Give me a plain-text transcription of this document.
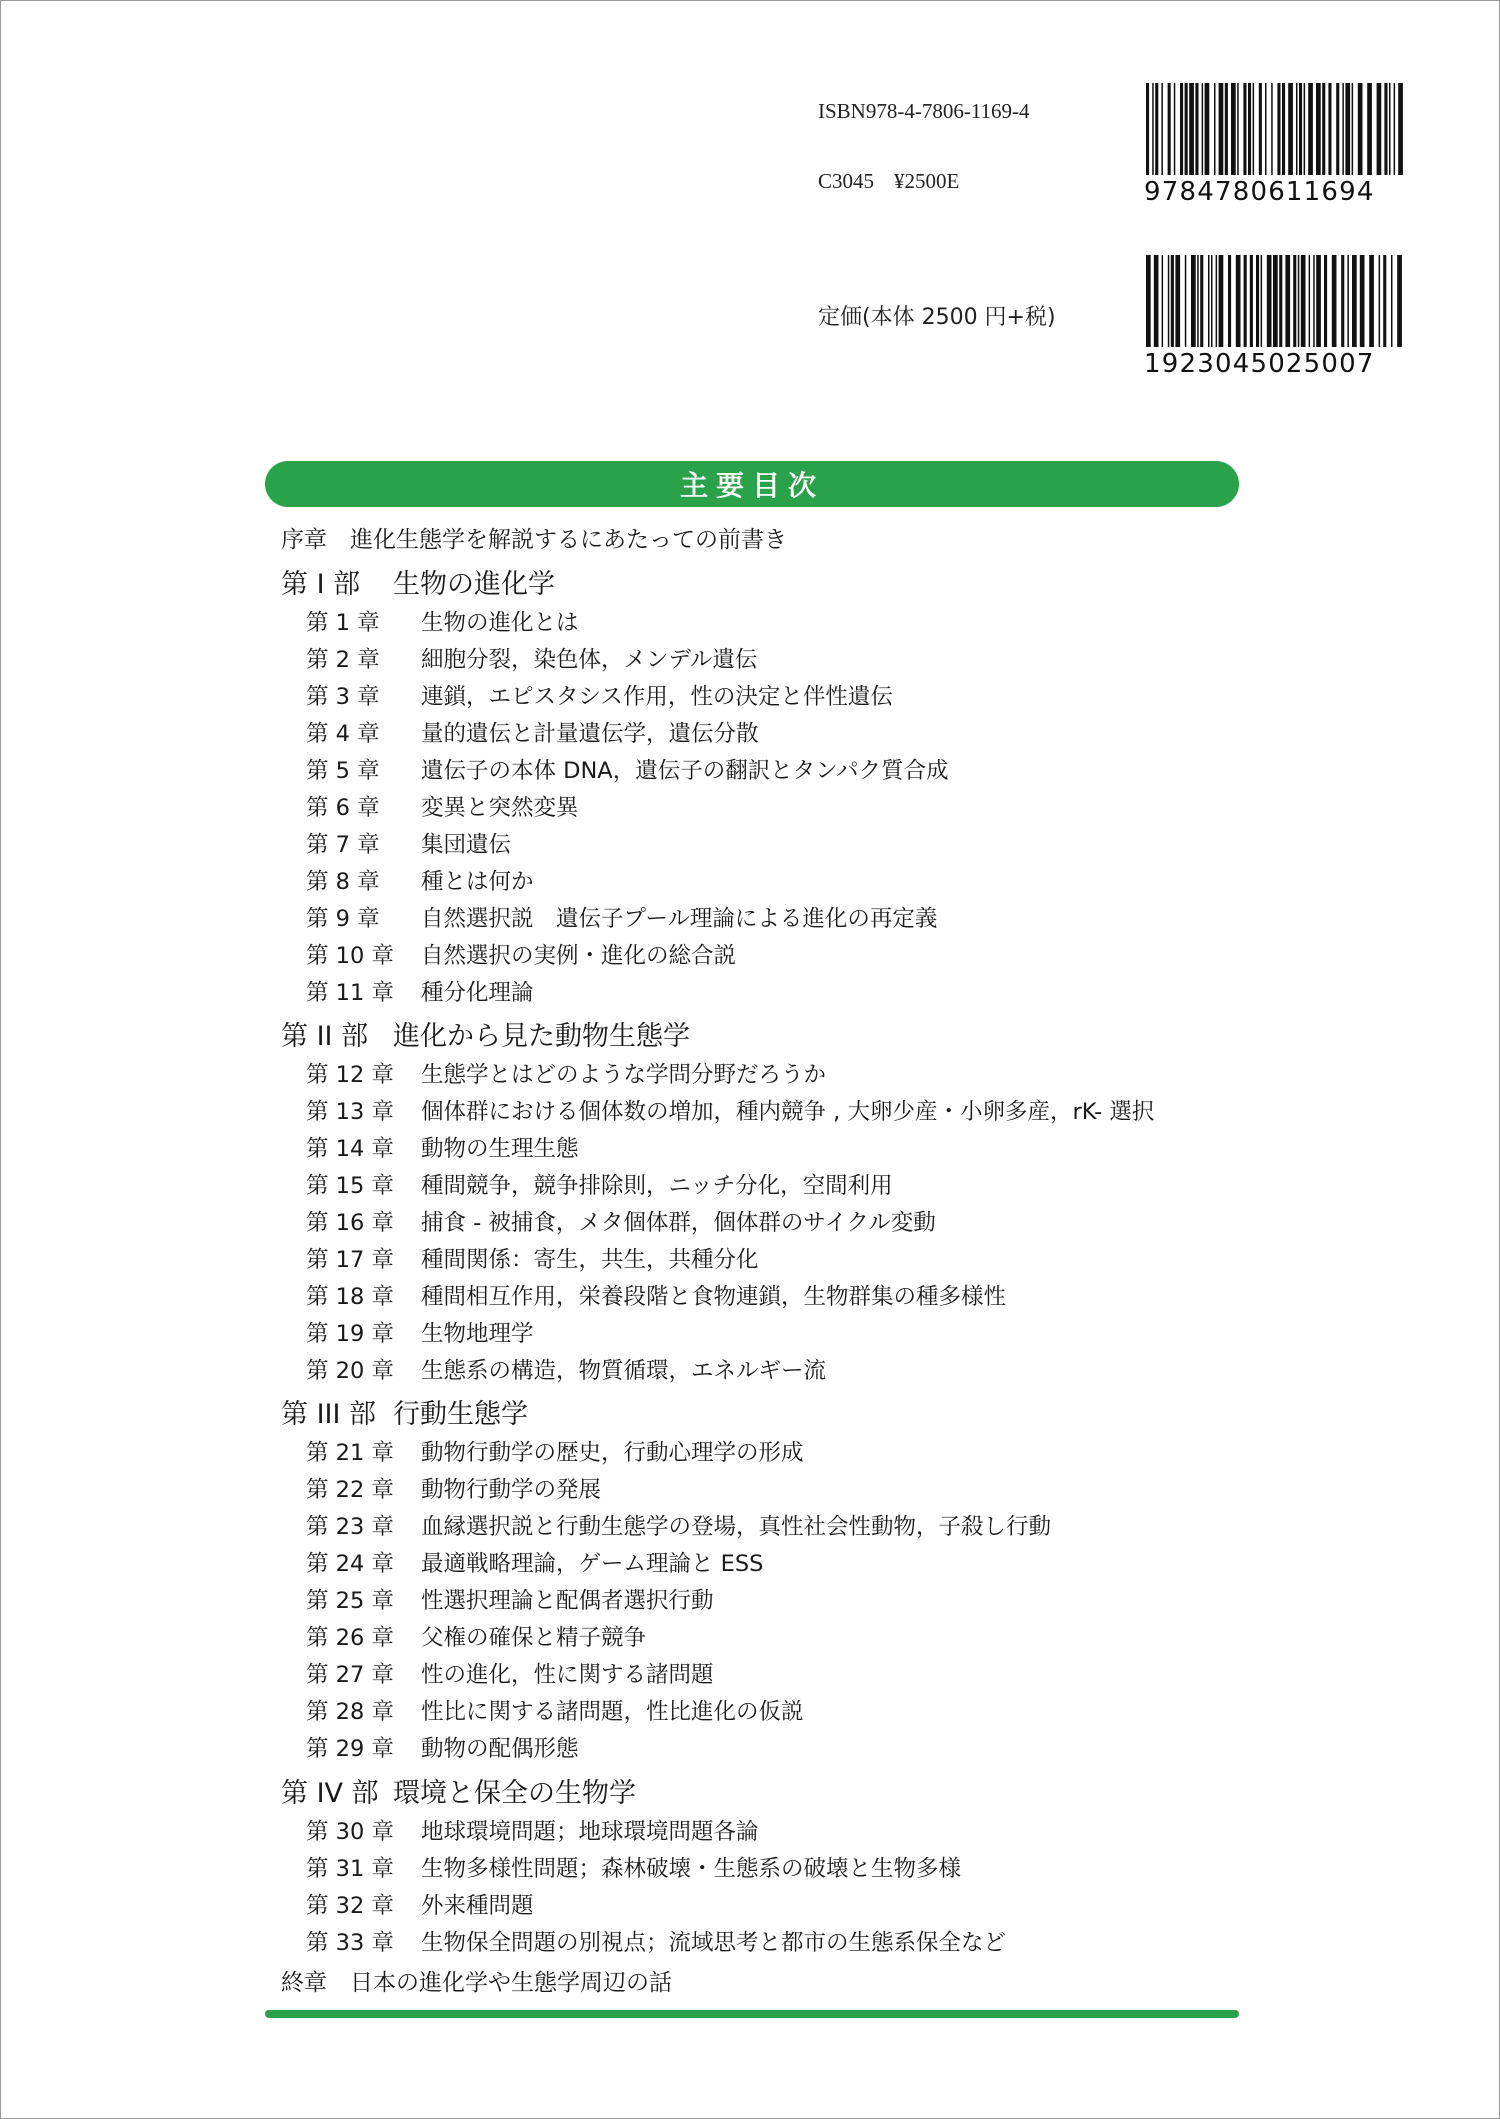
ISBN978-4-7806-1169-4
C3045 ¥2500E
定価(本体 2500 円+税)
9784780611694
1923045025007
主要目次
序章　進化生態学を解説するにあたっての前書き
第 I 部 生物の進化学
第 1 章 生物の進化とは
第 2 章 細胞分裂，染色体，メンデル遺伝
第 3 章 連鎖，エピスタシス作用，性の決定と伴性遺伝
第 4 章 量的遺伝と計量遺伝学，遺伝分散
第 5 章 遺伝子の本体 DNA，遺伝子の翻訳とタンパク質合成
第 6 章 変異と突然変異
第 7 章 集団遺伝
第 8 章 種とは何か
第 9 章 自然選択説　遺伝子プール理論による進化の再定義
第 10 章 自然選択の実例・進化の総合説
第 11 章 種分化理論
第 II 部 進化から見た動物生態学
第 12 章 生態学とはどのような学問分野だろうか
第 13 章 個体群における個体数の増加，種内競争 , 大卵少産・小卵多産，rK- 選択
第 14 章 動物の生理生態
第 15 章 種間競争，競争排除則，ニッチ分化，空間利用
第 16 章 捕食 - 被捕食，メタ個体群，個体群のサイクル変動
第 17 章 種間関係：寄生，共生，共種分化
第 18 章 種間相互作用，栄養段階と食物連鎖，生物群集の種多様性
第 19 章 生物地理学
第 20 章 生態系の構造，物質循環，エネルギー流
第 III 部 行動生態学
第 21 章 動物行動学の歴史，行動心理学の形成
第 22 章 動物行動学の発展
第 23 章 血縁選択説と行動生態学の登場，真性社会性動物，子殺し行動
第 24 章 最適戦略理論，ゲーム理論と ESS
第 25 章 性選択理論と配偶者選択行動
第 26 章 父権の確保と精子競争
第 27 章 性の進化，性に関する諸問題
第 28 章 性比に関する諸問題，性比進化の仮説
第 29 章 動物の配偶形態
第 IV 部 環境と保全の生物学
第 30 章 地球環境問題；地球環境問題各論
第 31 章 生物多様性問題；森林破壊・生態系の破壊と生物多様
第 32 章 外来種問題
第 33 章 生物保全問題の別視点；流域思考と都市の生態系保全など
終章　日本の進化学や生態学周辺の話
